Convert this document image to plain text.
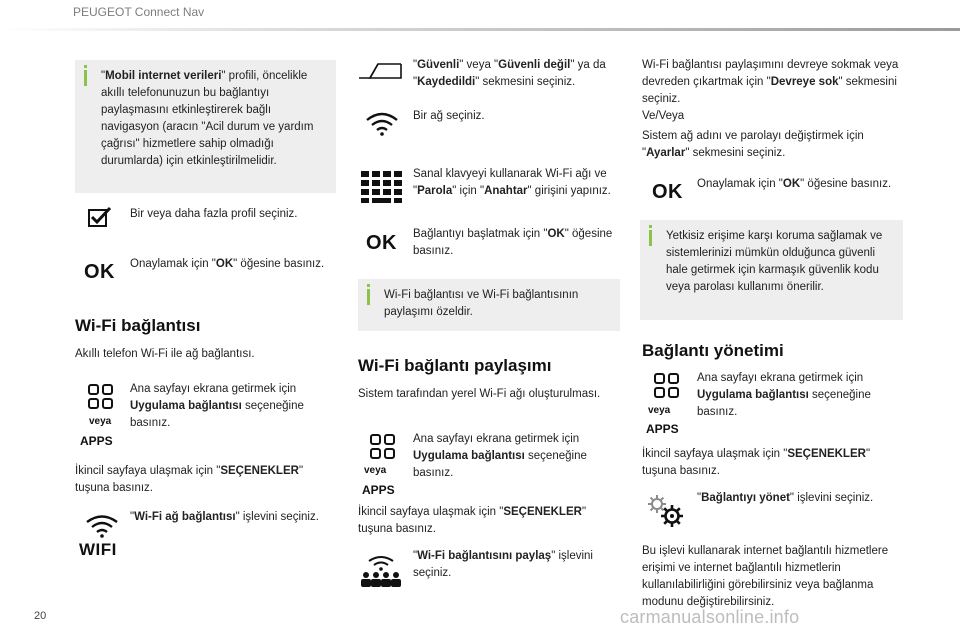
PEUGEOT Connect Nav
"Mobil internet verileri" profili, öncelikle akıllı telefonunuzun bu bağlantıyı paylaşmasını etkinleştirerek bağlı navigasyon (aracın "Acil durum ve yardım çağrısı" hizmetlere sahip olmadığı durumlarda) için etkinleştirilmelidir.
Bir veya daha fazla profil seçiniz.
OK Onaylamak için "OK" öğesine basınız.
Wi-Fi bağlantısı
Akıllı telefon Wi-Fi ile ağ bağlantısı.
veya
APPS
Ana sayfayı ekrana getirmek için Uygulama bağlantısı seçeneğine basınız.
İkincil sayfaya ulaşmak için "SEÇENEKLER" tuşuna basınız.
WIFI
"Wi-Fi ağ bağlantısı" işlevini seçiniz.
"Güvenli" veya "Güvenli değil" ya da "Kaydedildi" sekmesini seçiniz.
Bir ağ seçiniz.
Sanal klavyeyi kullanarak Wi-Fi ağı ve "Parola" için "Anahtar" girişini yapınız.
OK Bağlantıyı başlatmak için "OK" öğesine basınız.
Wi-Fi bağlantısı ve Wi-Fi bağlantısının paylaşımı özeldir.
Wi-Fi bağlantı paylaşımı
Sistem tarafından yerel Wi-Fi ağı oluşturulması.
veya
APPS
Ana sayfayı ekrana getirmek için Uygulama bağlantısı seçeneğine basınız.
İkincil sayfaya ulaşmak için "SEÇENEKLER" tuşuna basınız.
"Wi-Fi bağlantısını paylaş" işlevini seçiniz.
Wi-Fi bağlantısı paylaşımını devreye sokmak veya devreden çıkartmak için "Devreye sok" sekmesini seçiniz.
Ve/Veya
Sistem ağ adını ve parolayı değiştirmek için "Ayarlar" sekmesini seçiniz.
OK Onaylamak için "OK" öğesine basınız.
Yetkisiz erişime karşı koruma sağlamak ve sistemlerinizi mümkün olduğunca güvenli hale getirmek için karmaşık güvenlik kodu veya parolası kullanımı önerilir.
Bağlantı yönetimi
veya
APPS
Ana sayfayı ekrana getirmek için Uygulama bağlantısı seçeneğine basınız.
İkincil sayfaya ulaşmak için "SEÇENEKLER" tuşuna basınız.
"Bağlantıyı yönet" işlevini seçiniz.
Bu işlevi kullanarak internet bağlantılı hizmetlere erişimi ve internet bağlantılı hizmetlerin kullanılabilirliğini görebilirsiniz veya bağlanma modunu değiştirebilirsiniz.
20	carmanualsonline.info
